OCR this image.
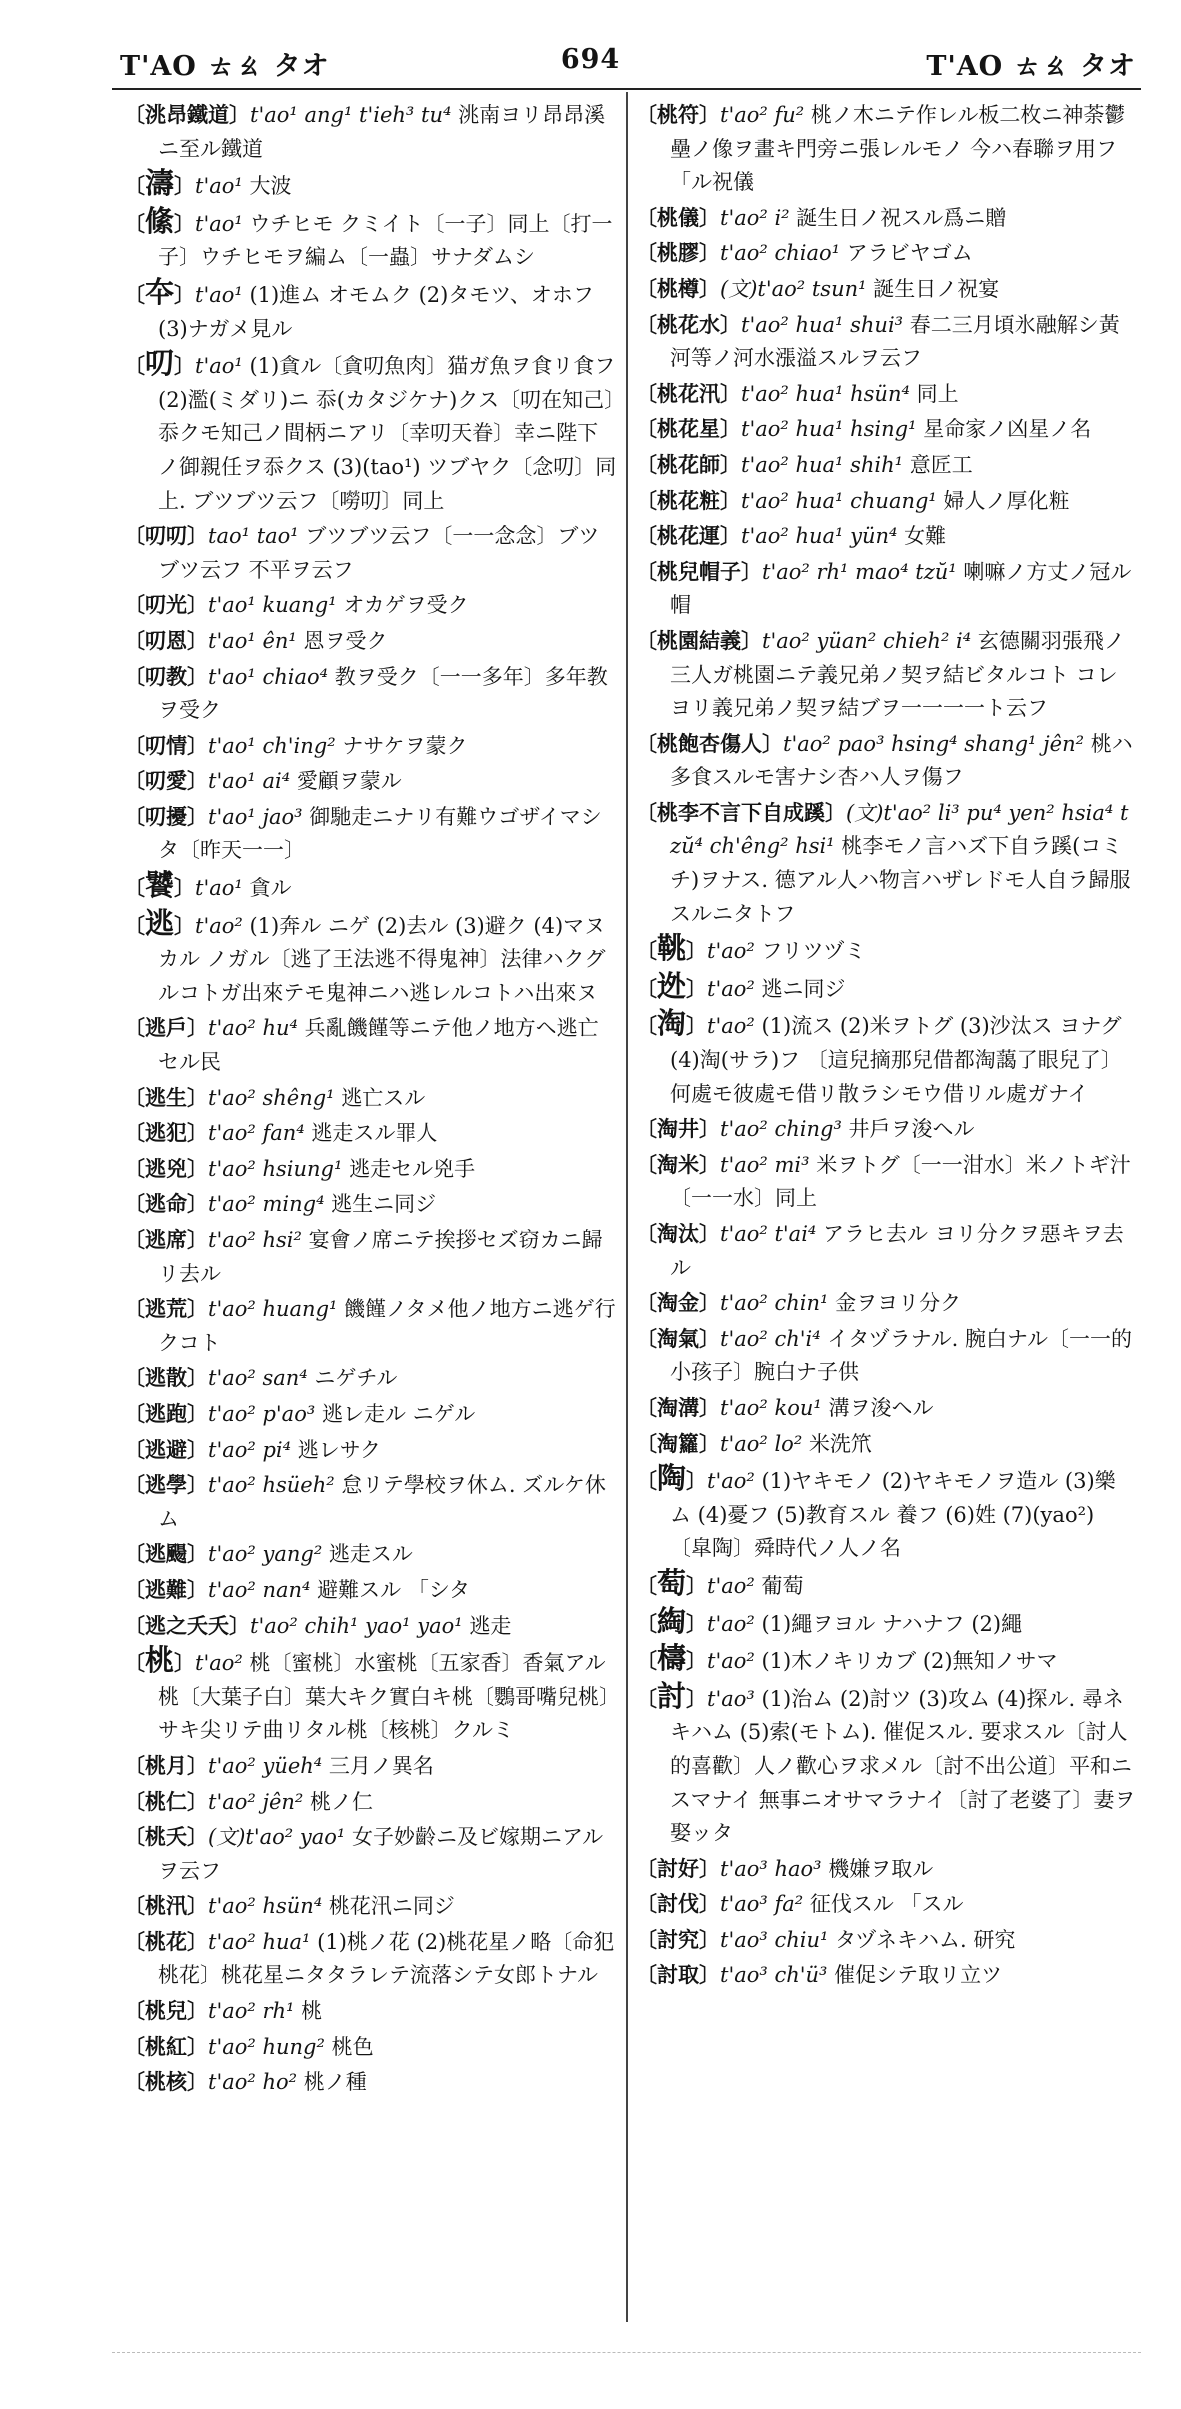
T'AO ㄊㄠ タオ	694	T'AO ㄊㄠ タオ
〔洮昂鐵道〕t'ao¹ ang¹ t'ieh³ tu⁴ 洮南ヨリ昂昂溪ニ至ル鐵道
〔濤〕t'ao¹ 大波
〔絛〕t'ao¹ ウチヒモ クミイト〔一子〕同上〔打一子〕ウチヒモヲ編ム〔一蟲〕サナダムシ
〔夲〕t'ao¹ (1)進ム オモムク (2)タモツ、オホフ (3)ナガメ見ル
〔叨〕t'ao¹ (1)貪ル〔貪叨魚肉〕猫ガ魚ヲ食リ食フ (2)濫(ミダリ)ニ 忝(カタジケナ)クス〔叨在知己〕忝クモ知己ノ間柄ニアリ〔幸叨天眷〕幸ニ陛下ノ御親任ヲ忝クス (3)(tao¹) ツブヤク〔念叨〕同上. ブツブツ云フ〔嘮叨〕同上
〔叨叨〕tao¹ tao¹ ブツブツ云フ〔一一念念〕ブツブツ云フ 不平ヲ云フ
〔叨光〕t'ao¹ kuang¹ オカゲヲ受ク
〔叨恩〕t'ao¹ ên¹ 恩ヲ受ク
〔叨教〕t'ao¹ chiao⁴ 教ヲ受ク〔一一多年〕多年教ヲ受ク
〔叨情〕t'ao¹ ch'ing² ナサケヲ蒙ク
〔叨愛〕t'ao¹ ai⁴ 愛顧ヲ蒙ル
〔叨擾〕t'ao¹ jao³ 御馳走ニナリ有難ウゴザイマシタ〔昨天一一〕
〔饕〕t'ao¹ 貪ル
〔逃〕t'ao² (1)奔ル ニゲ (2)去ル (3)避ク (4)マヌカル ノガル〔逃了王法逃不得鬼神〕法律ハクグルコトガ出來テモ鬼神ニハ逃レルコトハ出來ヌ
〔逃戶〕t'ao² hu⁴ 兵亂饑饉等ニテ他ノ地方ヘ逃亡セル民
〔逃生〕t'ao² shêng¹ 逃亡スル
〔逃犯〕t'ao² fan⁴ 逃走スル罪人
〔逃兇〕t'ao² hsiung¹ 逃走セル兇手
〔逃命〕t'ao² ming⁴ 逃生ニ同ジ
〔逃席〕t'ao² hsi² 宴會ノ席ニテ挨拶セズ窃カニ歸リ去ル
〔逃荒〕t'ao² huang¹ 饑饉ノタメ他ノ地方ニ逃ゲ行クコト
〔逃散〕t'ao² san⁴ ニゲチル
〔逃跑〕t'ao² p'ao³ 逃レ走ル ニゲル
〔逃避〕t'ao² pi⁴ 逃レサク
〔逃學〕t'ao² hsüeh² 怠リテ學校ヲ休ム. ズルケ休ム
〔逃颺〕t'ao² yang² 逃走スル
〔逃難〕t'ao² nan⁴ 避難スル 「シタ
〔逃之夭夭〕t'ao² chih¹ yao¹ yao¹ 逃走
〔桃〕t'ao² 桃〔蜜桃〕水蜜桃〔五家香〕香氣アル桃〔大葉子白〕葉大キク實白キ桃〔鸚哥嘴兒桃〕サキ尖リテ曲リタル桃〔核桃〕クルミ
〔桃月〕t'ao² yüeh⁴ 三月ノ異名
〔桃仁〕t'ao² jên² 桃ノ仁
〔桃夭〕(文)t'ao² yao¹ 女子妙齡ニ及ビ嫁期ニアルヲ云フ
〔桃汛〕t'ao² hsün⁴ 桃花汛ニ同ジ
〔桃花〕t'ao² hua¹ (1)桃ノ花 (2)桃花星ノ略〔命犯桃花〕桃花星ニタタラレテ流落シテ女郎トナル
〔桃兒〕t'ao² rh¹ 桃
〔桃紅〕t'ao² hung² 桃色
〔桃核〕t'ao² ho² 桃ノ種
〔桃符〕t'ao² fu² 桃ノ木ニテ作レル板二枚ニ神荼鬱壘ノ像ヲ畫キ門旁ニ張レルモノ 今ハ春聯ヲ用フ 「ル祝儀
〔桃儀〕t'ao² i² 誕生日ノ祝スル爲ニ贈
〔桃膠〕t'ao² chiao¹ アラビヤゴム
〔桃樽〕(文)t'ao² tsun¹ 誕生日ノ祝宴
〔桃花水〕t'ao² hua¹ shui³ 春二三月頃氷融解シ黃河等ノ河水漲溢スルヲ云フ
〔桃花汛〕t'ao² hua¹ hsün⁴ 同上
〔桃花星〕t'ao² hua¹ hsing¹ 星命家ノ凶星ノ名
〔桃花師〕t'ao² hua¹ shih¹ 意匠工
〔桃花粧〕t'ao² hua¹ chuang¹ 婦人ノ厚化粧
〔桃花運〕t'ao² hua¹ yün⁴ 女難
〔桃兒帽子〕t'ao² rh¹ mao⁴ tzŭ¹ 喇嘛ノ方丈ノ冠ル帽
〔桃園結義〕t'ao² yüan² chieh² i⁴ 玄德關羽張飛ノ三人ガ桃園ニテ義兄弟ノ契ヲ結ビタルコト コレヨリ義兄弟ノ契ヲ結ブヲ一一一一ト云フ
〔桃飽杏傷人〕t'ao² pao³ hsing⁴ shang¹ jên² 桃ハ多食スルモ害ナシ杏ハ人ヲ傷フ
〔桃李不言下自成蹊〕(文)t'ao² li³ pu⁴ yen² hsia⁴ tzŭ⁴ ch'êng² hsi¹ 桃李モノ言ハズ下自ラ蹊(コミチ)ヲナス. 德アル人ハ物言ハザレドモ人自ラ歸服スルニタトフ
〔鞉〕t'ao² フリツヅミ
〔迯〕t'ao² 逃ニ同ジ
〔淘〕t'ao² (1)流ス (2)米ヲトグ (3)沙汰ス ヨナグ (4)淘(サラ)フ 〔這兒摘那兒借都淘藹了眼兒了〕何處モ彼處モ借リ散ラシモウ借リル處ガナイ
〔淘井〕t'ao² ching³ 井戶ヲ浚ヘル
〔淘米〕t'ao² mi³ 米ヲトグ〔一一泔水〕米ノトギ汁〔一一水〕同上
〔淘汰〕t'ao² t'ai⁴ アラヒ去ル ヨリ分クヲ惡キヲ去ル
〔淘金〕t'ao² chin¹ 金ヲヨリ分ク
〔淘氣〕t'ao² ch'i⁴ イタヅラナル. 腕白ナル〔一一的小孩子〕腕白ナ子供
〔淘溝〕t'ao² kou¹ 溝ヲ浚ヘル
〔淘籮〕t'ao² lo² 米洗笊
〔陶〕t'ao² (1)ヤキモノ (2)ヤキモノヲ造ル (3)樂ム (4)憂フ (5)教育スル 養フ (6)姓 (7)(yao²)〔皐陶〕舜時代ノ人ノ名
〔萄〕t'ao² 葡萄
〔綯〕t'ao² (1)繩ヲヨル ナハナフ (2)繩
〔檮〕t'ao² (1)木ノキリカブ (2)無知ノサマ
〔討〕t'ao³ (1)治ム (2)討ツ (3)攻ム (4)探ル. 尋ネキハム (5)索(モトム). 催促スル. 要求スル〔討人的喜歡〕人ノ歡心ヲ求メル〔討不出公道〕平和ニスマナイ 無事ニオサマラナイ〔討了老婆了〕妻ヲ娶ッタ
〔討好〕t'ao³ hao³ 機嫌ヲ取ル
〔討伐〕t'ao³ fa² 征伐スル 「スル
〔討究〕t'ao³ chiu¹ タヅネキハム. 研究
〔討取〕t'ao³ ch'ü³ 催促シテ取リ立ツ
